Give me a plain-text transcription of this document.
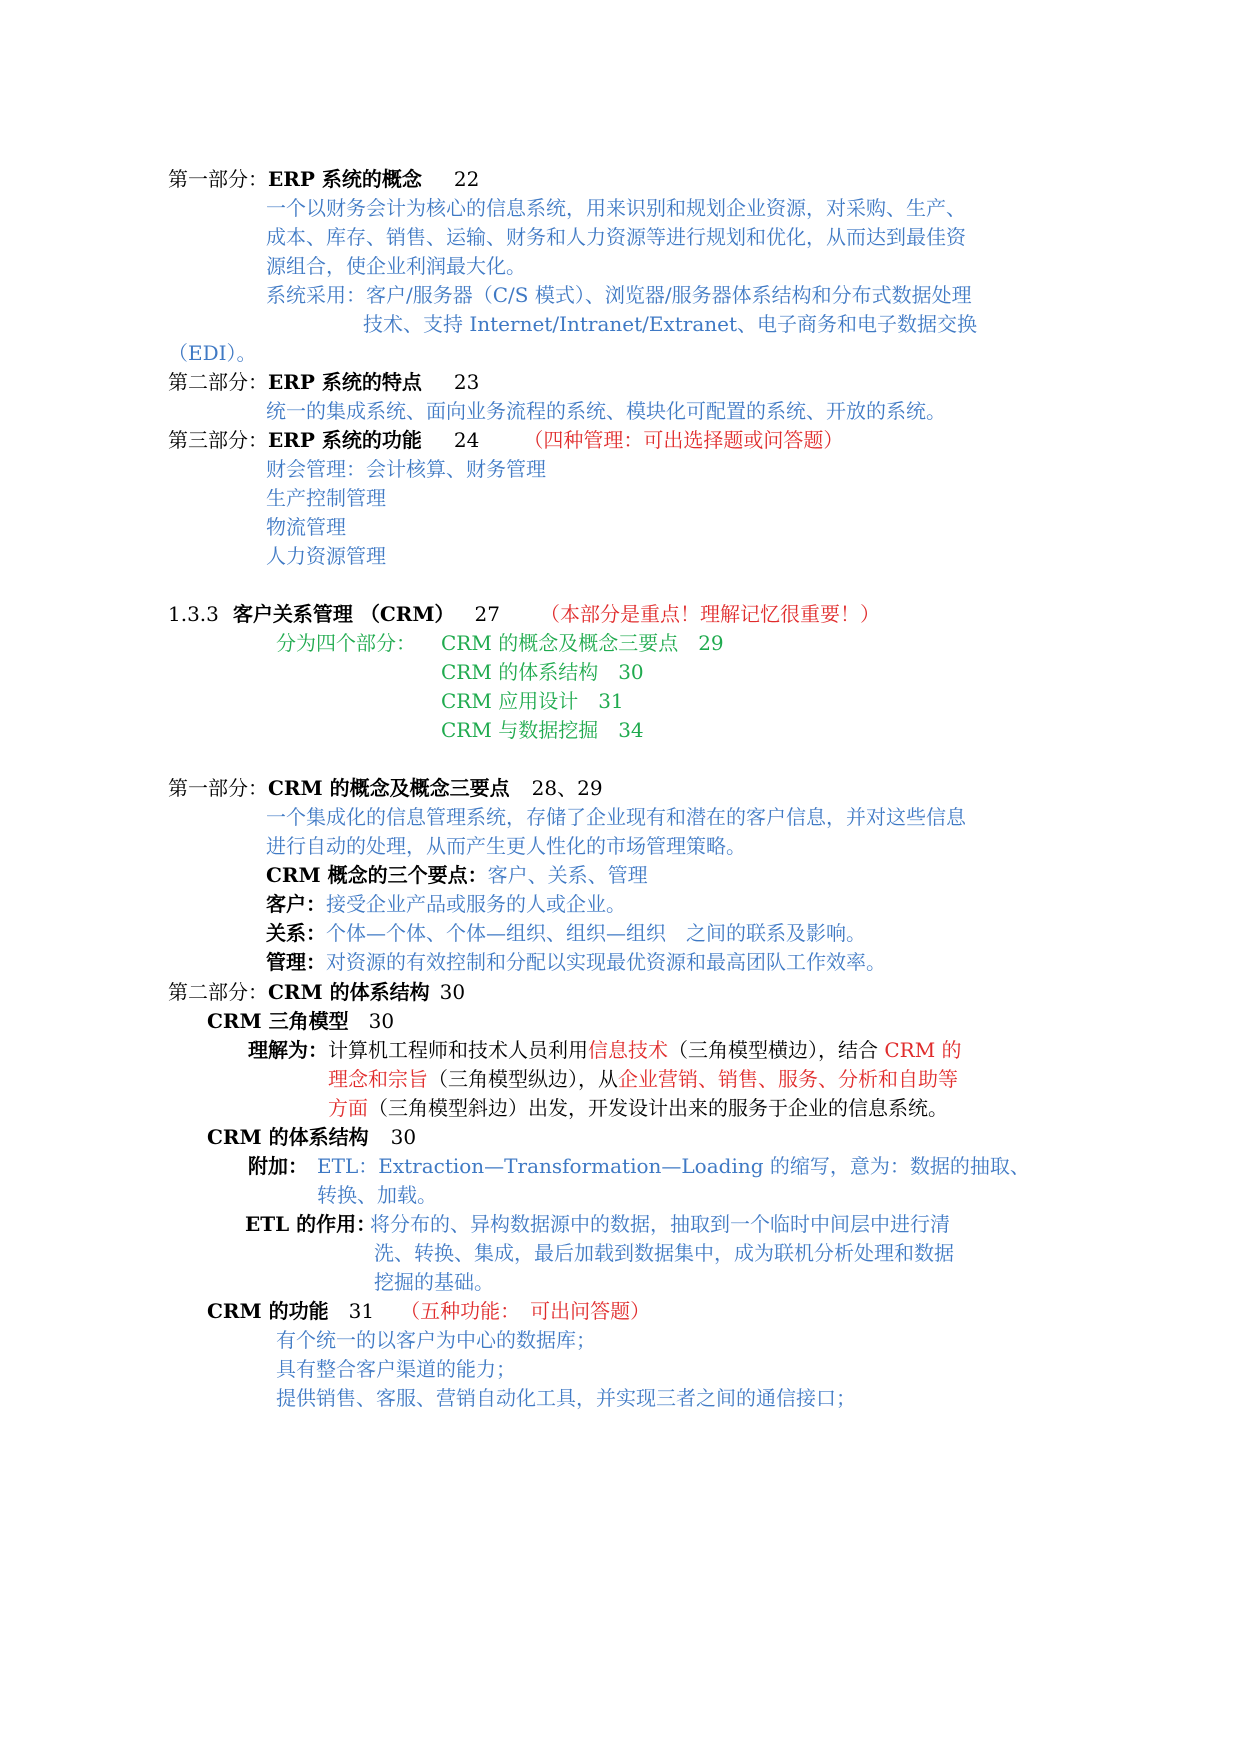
第一部分：ERP 系统的概念 22
一个以财务会计为核心的信息系统，用来识别和规划企业资源，对采购、生产、
成本、库存、销售、运输、财务和人力资源等进行规划和优化，从而达到最佳资
源组合，使企业利润最大化。
系统采用：客户/服务器（C/S 模式）、浏览器/服务器体系结构和分布式数据处理
技术、支持 Internet/Intranet/Extranet、电子商务和电子数据交换
（EDI）。
第二部分：ERP 系统的特点 23
统一的集成系统、面向业务流程的系统、模块化可配置的系统、开放的系统。
第三部分：ERP 系统的功能 24 （四种管理：可出选择题或问答题）
财会管理：会计核算、财务管理
生产控制管理
物流管理
人力资源管理
1.3.3 客户关系管理 （CRM） 27 （本部分是重点！理解记忆很重要！）
分为四个部分： CRM 的概念及概念三要点 29
CRM 的体系结构 30
CRM 应用设计 31
CRM 与数据挖掘 34
第一部分：CRM 的概念及概念三要点 28、29
一个集成化的信息管理系统，存储了企业现有和潜在的客户信息，并对这些信息
进行自动的处理，从而产生更人性化的市场管理策略。
CRM 概念的三个要点：客户、关系、管理
客户：接受企业产品或服务的人或企业。
关系：个体—个体、个体—组织、组织—组织　之间的联系及影响。
管理：对资源的有效控制和分配以实现最优资源和最高团队工作效率。
第二部分：CRM 的体系结构 30
CRM 三角模型 30
理解为： 计算机工程师和技术人员利用信息技术（三角模型横边），结合 CRM 的
理念和宗旨（三角模型纵边），从企业营销、销售、服务、分析和自助等
方面（三角模型斜边）出发，开发设计出来的服务于企业的信息系统。
CRM 的体系结构 30
附加： ETL：Extraction—Transformation—Loading 的缩写，意为：数据的抽取、
转换、加载。
ETL 的作用：
将分布的、异构数据源中的数据，抽取到一个临时中间层中进行清
洗、转换、集成，最后加载到数据集中，成为联机分析处理和数据
挖掘的基础。
CRM 的功能 31 （五种功能：　可出问答题）
有个统一的以客户为中心的数据库；
具有整合客户渠道的能力；
提供销售、客服、营销自动化工具，并实现三者之间的通信接口；
